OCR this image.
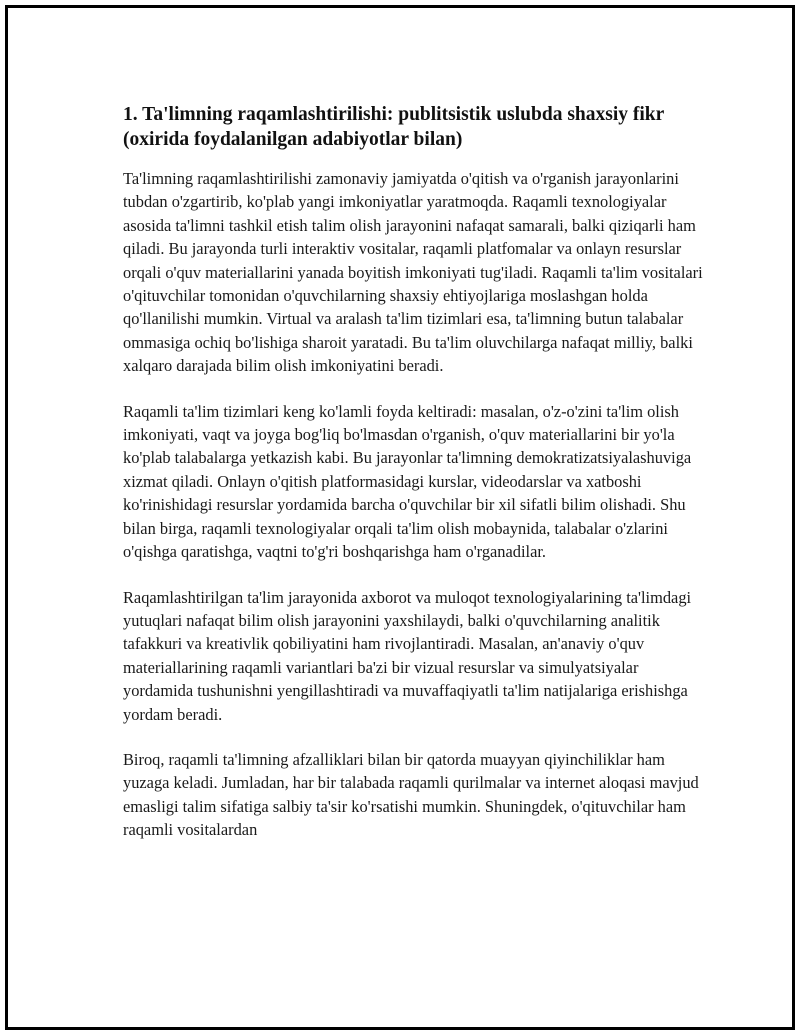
1. Ta'limning raqamlashtirilishi: publitsistik uslubda shaxsiy fikr (oxirida foydalanilgan adabiyotlar bilan)

Ta'limning raqamlashtirilishi zamonaviy jamiyatda o'qitish va o'rganish jarayonlarini tubdan o'zgartirib, ko'plab yangi imkoniyatlar yaratmoqda. Raqamli texnologiyalar asosida ta'limni tashkil etish talim olish jarayonini nafaqat samarali, balki qiziqarli ham qiladi. Bu jarayonda turli interaktiv vositalar, raqamli platfomalar va onlayn resurslar orqali o'quv materiallarini yanada boyitish imkoniyati tug'iladi. Raqamli ta'lim vositalari o'qituvchilar tomonidan o'quvchilarning shaxsiy ehtiyojlariga moslashgan holda qo'llanilishi mumkin. Virtual va aralash ta'lim tizimlari esa, ta'limning butun talabalar ommasiga ochiq bo'lishiga sharoit yaratadi. Bu ta'lim oluvchilarga nafaqat milliy, balki xalqaro darajada bilim olish imkoniyatini beradi.

Raqamli ta'lim tizimlari keng ko'lamli foyda keltiradi: masalan, o'z-o'zini ta'lim olish imkoniyati, vaqt va joyga bog'liq bo'lmasdan o'rganish, o'quv materiallarini bir yo'la ko'plab talabalarga yetkazish kabi. Bu jarayonlar ta'limning demokratizatsiyalashuviga xizmat qiladi. Onlayn o'qitish platformasidagi kurslar, videodarslar va xatboshi ko'rinishidagi resurslar yordamida barcha o'quvchilar bir xil sifatli bilim olishadi. Shu bilan birga, raqamli texnologiyalar orqali ta'lim olish mobaynida, talabalar o'zlarini o'qishga qaratishga, vaqtni to'g'ri boshqarishga ham o'rganadilar.

Raqamlashtirilgan ta'lim jarayonida axborot va muloqot texnologiyalarining ta'limdagi yutuqlari nafaqat bilim olish jarayonini yaxshilaydi, balki o'quvchilarning analitik tafakkuri va kreativlik qobiliyatini ham rivojlantiradi. Masalan, an'anaviy o'quv materiallarining raqamli variantlari ba'zi bir vizual resurslar va simulyatsiyalar yordamida tushunishni yengillashtiradi va muvaffaqiyatli ta'lim natijalariga erishishga yordam beradi.

Biroq, raqamli ta'limning afzalliklari bilan bir qatorda muayyan qiyinchiliklar ham yuzaga keladi. Jumladan, har bir talabada raqamli qurilmalar va internet aloqasi mavjud emasligi talim sifatiga salbiy ta'sir ko'rsatishi mumkin. Shuningdek, o'qituvchilar ham raqamli vositalardan
